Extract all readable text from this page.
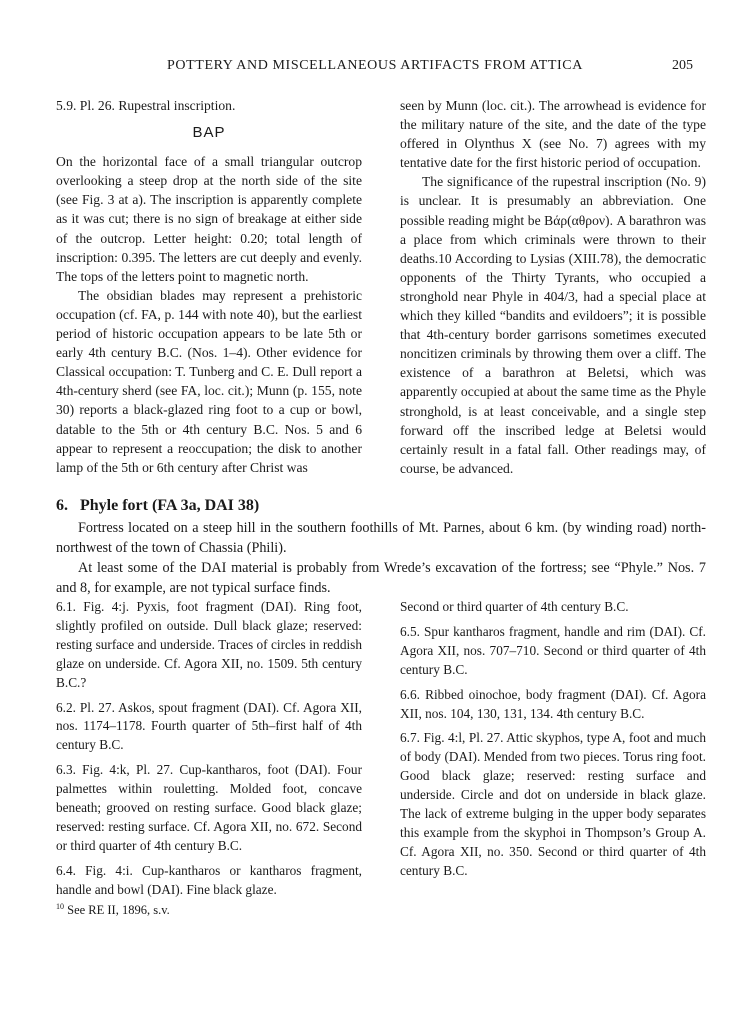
POTTERY AND MISCELLANEOUS ARTIFACTS FROM ATTICA	205

5.9. Pl. 26. Rupestral inscription.

BAP

On the horizontal face of a small triangular outcrop overlooking a steep drop at the north side of the site (see Fig. 3 at a). The inscription is apparently complete as it was cut; there is no sign of breakage at either side of the outcrop. Letter height: 0.20; total length of inscription: 0.395. The letters are cut deeply and evenly. The tops of the letters point to magnetic north.

The obsidian blades may represent a prehistoric occupation (cf. FA, p. 144 with note 40), but the earliest period of historic occupation appears to be late 5th or early 4th century B.C. (Nos. 1–4). Other evidence for Classical occupation: T. Tunberg and C. E. Dull report a 4th-century sherd (see FA, loc. cit.); Munn (p. 155, note 30) reports a black-glazed ring foot to a cup or bowl, datable to the 5th or 4th century B.C. Nos. 5 and 6 appear to represent a reoccupation; the disk to another lamp of the 5th or 6th century after Christ was

seen by Munn (loc. cit.). The arrowhead is evidence for the military nature of the site, and the date of the type offered in Olynthus X (see No. 7) agrees with my tentative date for the first historic period of occupation.

The significance of the rupestral inscription (No. 9) is unclear. It is presumably an abbreviation. One possible reading might be Βάρ(αθρον). A barathron was a place from which criminals were thrown to their deaths.10 According to Lysias (XIII.78), the democratic opponents of the Thirty Tyrants, who occupied a stronghold near Phyle in 404/3, had a special place at which they killed “bandits and evildoers”; it is possible that 4th-century border garrisons sometimes executed noncitizen criminals by throwing them over a cliff. The existence of a barathron at Beletsi, which was apparently occupied at about the same time as the Phyle stronghold, is at least conceivable, and a single step forward off the inscribed ledge at Beletsi would certainly result in a fatal fall. Other readings may, of course, be advanced.

6. Phyle fort (FA 3a, DAI 38)

Fortress located on a steep hill in the southern foothills of Mt. Parnes, about 6 km. (by winding road) north-northwest of the town of Chassia (Phili).

At least some of the DAI material is probably from Wrede’s excavation of the fortress; see “Phyle.” Nos. 7 and 8, for example, are not typical surface finds.

6.1. Fig. 4:j. Pyxis, foot fragment (DAI). Ring foot, slightly profiled on outside. Dull black glaze; reserved: resting surface and underside. Traces of circles in reddish glaze on underside. Cf. Agora XII, no. 1509. 5th century B.C.?

6.2. Pl. 27. Askos, spout fragment (DAI). Cf. Agora XII, nos. 1174–1178. Fourth quarter of 5th–first half of 4th century B.C.

6.3. Fig. 4:k, Pl. 27. Cup-kantharos, foot (DAI). Four palmettes within rouletting. Molded foot, concave beneath; grooved on resting surface. Good black glaze; reserved: resting surface. Cf. Agora XII, no. 672. Second or third quarter of 4th century B.C.

6.4. Fig. 4:i. Cup-kantharos or kantharos fragment, handle and bowl (DAI). Fine black glaze.

Second or third quarter of 4th century B.C.

6.5. Spur kantharos fragment, handle and rim (DAI). Cf. Agora XII, nos. 707–710. Second or third quarter of 4th century B.C.

6.6. Ribbed oinochoe, body fragment (DAI). Cf. Agora XII, nos. 104, 130, 131, 134. 4th century B.C.

6.7. Fig. 4:l, Pl. 27. Attic skyphos, type A, foot and much of body (DAI). Mended from two pieces. Torus ring foot. Good black glaze; reserved: resting surface and underside. Circle and dot on underside in black glaze. The lack of extreme bulging in the upper body separates this example from the skyphoi in Thompson’s Group A. Cf. Agora XII, no. 350. Second or third quarter of 4th century B.C.

$^{10}$ See RE II, 1896, s.v.
